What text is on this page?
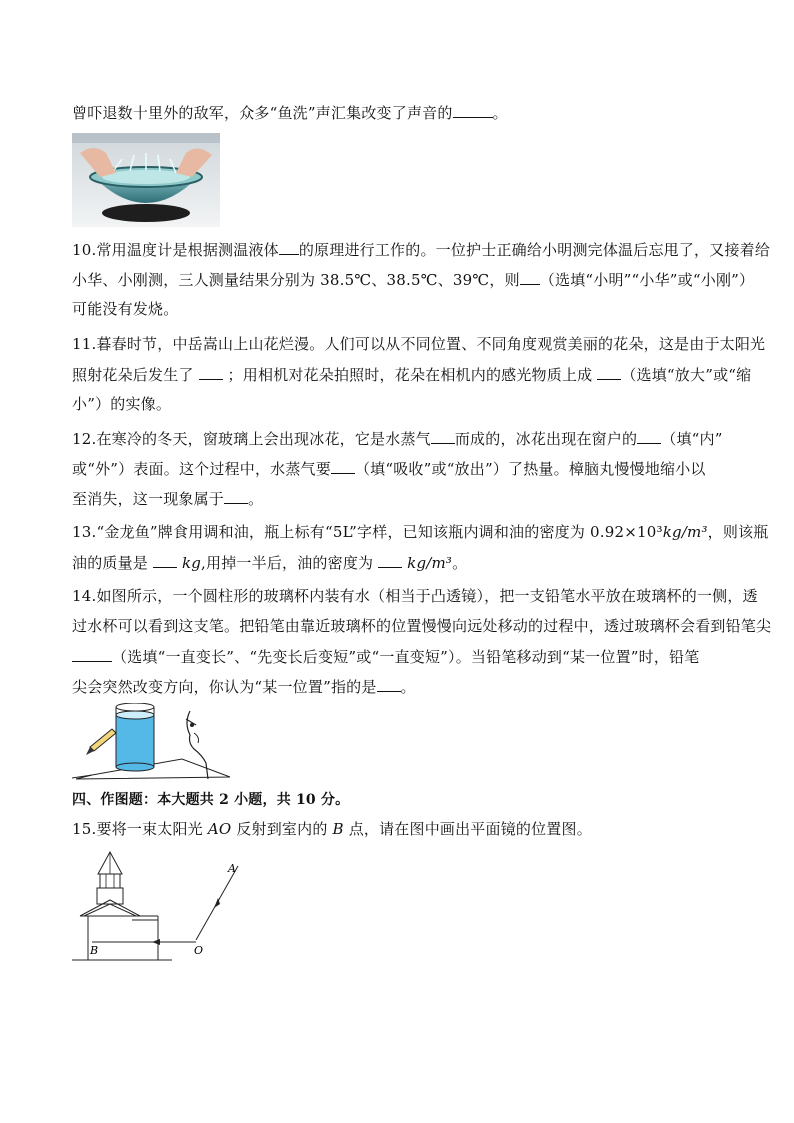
曾吓退数十里外的敌军，众多“鱼洗”声汇集改变了声音的	。
10.常用温度计是根据测温液体 的原理进行工作的。一位护士正确给小明测完体温后忘甩了，又接着给
小华、小刚测，三人测量结果分别为 38.5℃、38.5℃、39℃，则 （选填“小明”“小华”或“小刚”）
可能没有发烧。
11.暮春时节，中岳嵩山上山花烂漫。人们可以从不同位置、不同角度观赏美丽的花朵，这是由于太阳光
照射花朵后发生了 ；用相机对花朵拍照时，花朵在相机内的感光物质上成 （选填“放大”或“缩
小”）的实像。
12.在寒冷的冬天，窗玻璃上会出现冰花，它是水蒸气 而成的，冰花出现在窗户的 （填“内”
或“外”）表面。这个过程中，水蒸气要 （填“吸收”或“放出”）了热量。樟脑丸慢慢地缩小以
至消失，这一现象属于 。
13.“金龙鱼”牌食用调和油，瓶上标有“5L”字样，已知该瓶内调和油的密度为 0.92×10³kg/m³，则该瓶
油的质量是 kg,用掉一半后，油的密度为 kg/m³。
14.如图所示，一个圆柱形的玻璃杯内装有水（相当于凸透镜），把一支铅笔水平放在玻璃杯的一侧，透
过水杯可以看到这支笔。把铅笔由靠近玻璃杯的位置慢慢向远处移动的过程中，透过玻璃杯会看到铅笔尖
（选填“一直变长”、“先变长后变短”或“一直变短”）。当铅笔移动到“某一位置”时，铅笔
尖会突然改变方向，你认为“某一位置”指的是 。
四、作图题：本大题共 2 小题，共 10 分。
15.要将一束太阳光 AO 反射到室内的 B 点，请在图中画出平面镜的位置图。
A
B	O
